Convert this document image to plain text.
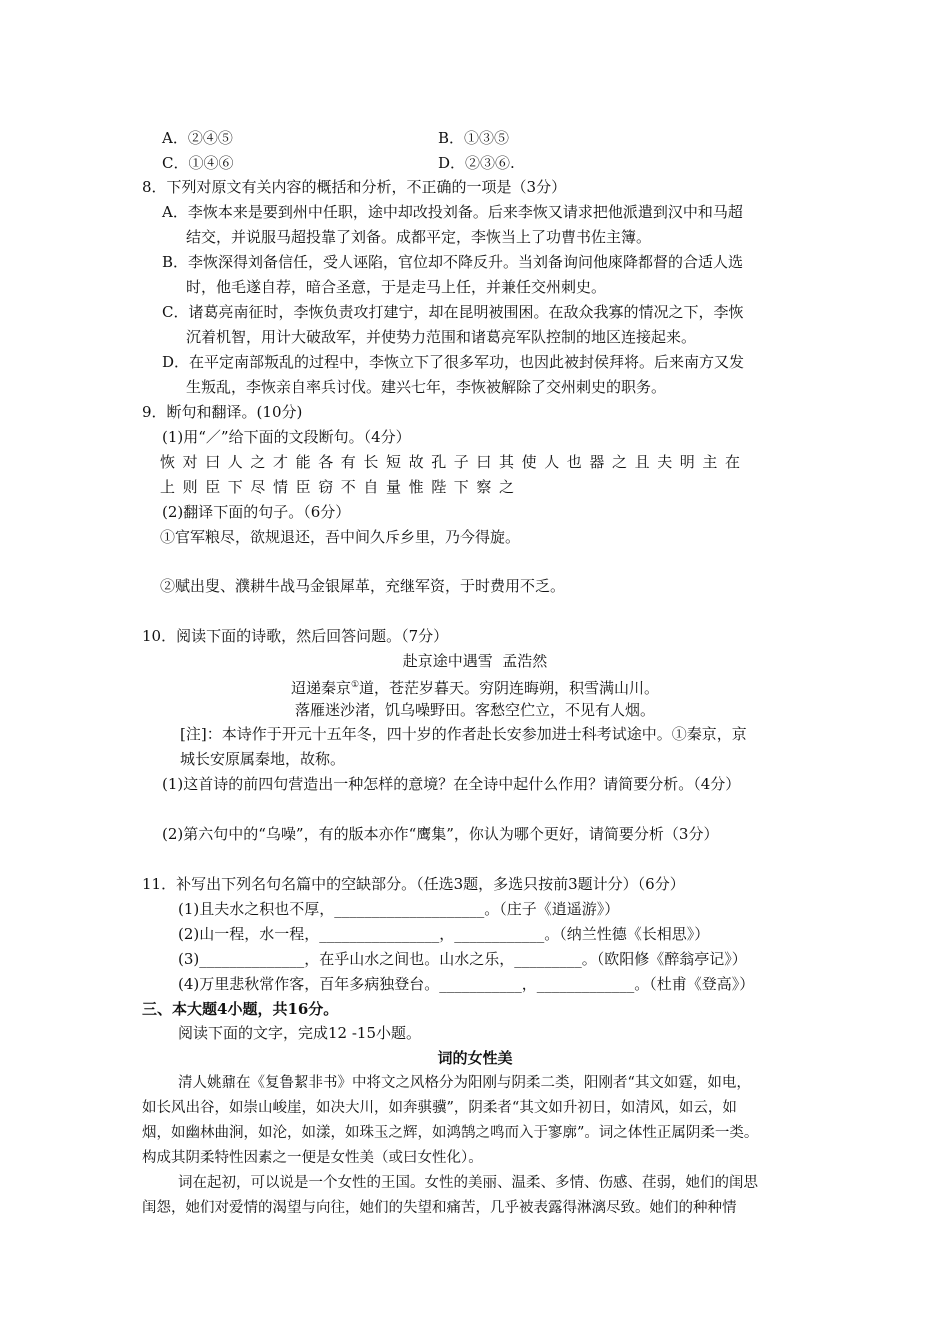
A．②④⑤	B．①③⑤
C．①④⑥	D．②③⑥.
8．下列对原文有关内容的概括和分析，不正确的一项是（3分）
A．李恢本来是要到州中任职，途中却改投刘备。后来李恢又请求把他派遣到汉中和马超
结交，并说服马超投靠了刘备。成都平定，李恢当上了功曹书佐主簿。
B．李恢深得刘备信任，受人诬陷，官位却不降反升。当刘备询问他庲降都督的合适人选
时，他毛遂自荐，暗合圣意，于是走马上任，并兼任交州刺史。
C．诸葛亮南征时，李恢负责攻打建宁，却在昆明被围困。在敌众我寡的情况之下，李恢
沉着机智，用计大破敌军，并使势力范围和诸葛亮军队控制的地区连接起来。
D．在平定南部叛乱的过程中，李恢立下了很多军功，也因此被封侯拜将。后来南方又发
生叛乱，李恢亲自率兵讨伐。建兴七年，李恢被解除了交州刺史的职务。
9．断句和翻译。(10分)
(1)用“／”给下面的文段断句。（4分）
恢对曰人之才能各有长短故孔子曰其使人也器之且夫明主在
上则臣下尽情臣窃不自量惟陛下察之
(2)翻译下面的句子。（6分）
①官军粮尽，欲规退还，吾中间久斥乡里，乃今得旋。
②赋出叟、濮耕牛战马金银犀革，充继军资，于时费用不乏。
10．阅读下面的诗歌，然后回答问题。（7分）
赴京途中遇雪  孟浩然
迢递秦京①道，苍茫岁暮天。穷阴连晦朔，积雪满山川。
落雁迷沙渚，饥乌噪野田。客愁空伫立，不见有人烟。
[注]：本诗作于开元十五年冬，四十岁的作者赴长安参加进士科考试途中。①秦京，京
城长安原属秦地，故称。
(1)这首诗的前四句营造出一种怎样的意境？在全诗中起什么作用？请简要分析。（4分）
(2)第六句中的“乌噪”，有的版本亦作“鹰集”，你认为哪个更好，请简要分析（3分）
11．补写出下列名句名篇中的空缺部分。（任选3题，多选只按前3题计分）（6分）
(1)且夫水之积也不厚，____________________。（庄子《逍遥游》）
(2)山一程，水一程，________________，____________。（纳兰性德《长相思》）
(3)______________，在乎山水之间也。山水之乐，_________。（欧阳修《醉翁亭记》）
(4)万里悲秋常作客，百年多病独登台。___________，_____________。（杜甫《登高》）
三、本大题4小题，共16分。
阅读下面的文字，完成12 -15小题。
词的女性美
清人姚鼐在《复鲁絜非书》中将文之风格分为阳刚与阴柔二类，阳刚者“其文如霆，如电，
如长风出谷，如崇山峻崖，如决大川，如奔骐骥”，阴柔者“其文如升初日，如清风，如云，如
烟，如幽林曲涧，如沦，如漾，如珠玉之辉，如鸿鹄之鸣而入于寥廓”。词之体性正属阴柔一类。
构成其阴柔特性因素之一便是女性美（或曰女性化）。
词在起初，可以说是一个女性的王国。女性的美丽、温柔、多情、伤感、荏弱，她们的闺思
闺怨，她们对爱情的渴望与向往，她们的失望和痛苦，几乎被表露得淋漓尽致。她们的种种情
